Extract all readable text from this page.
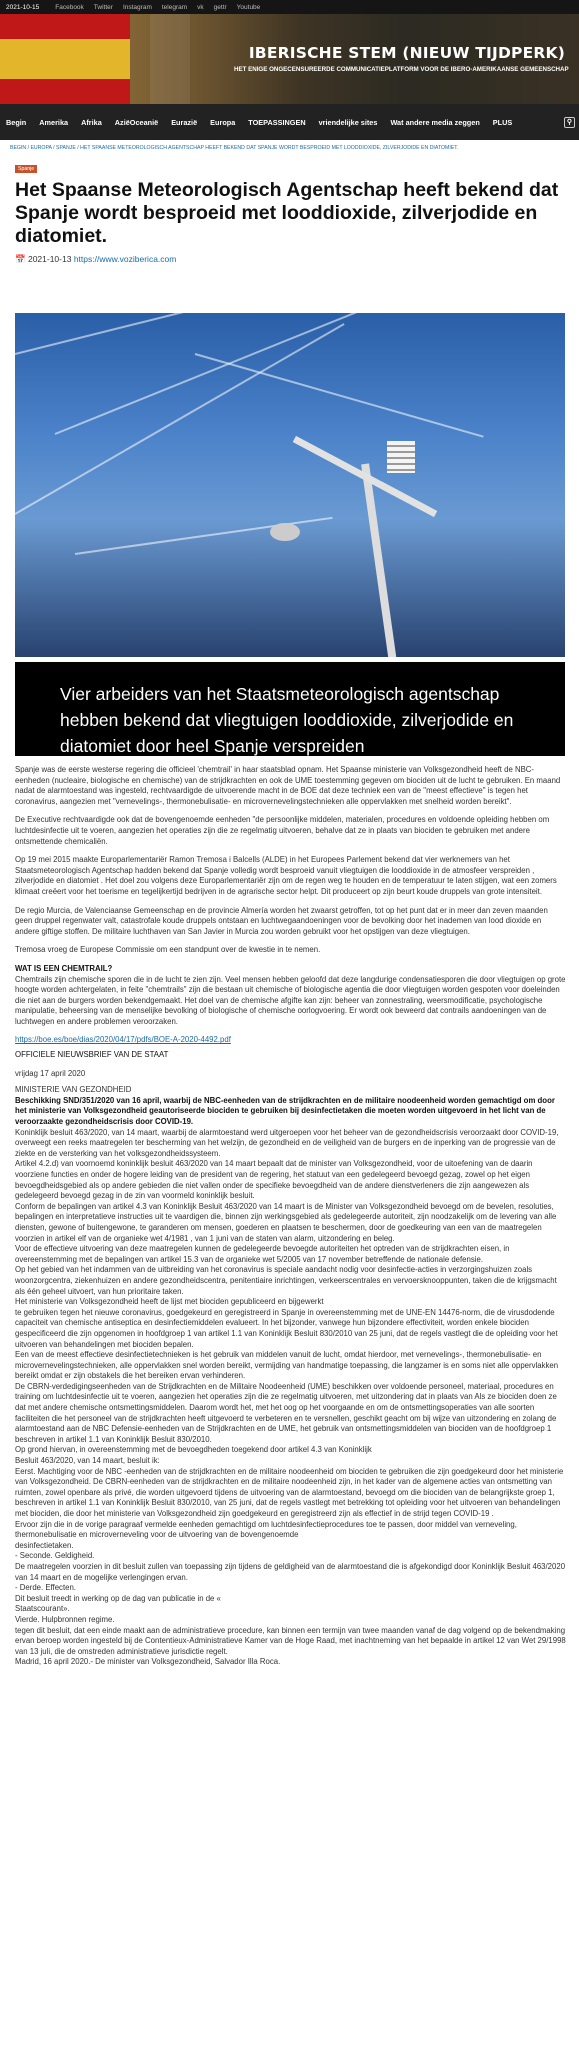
2021-10-15 Facebook Twitter Instagram telegram vk gettr Youtube
IBERISCHE STEM (NIEUW TIJDPERK)
HET ENIGE ONGECENSUREERDE COMMUNICATIEPLATFORM VOOR DE IBERO-AMERIKAANSE GEMEENSCHAP
Begin Amerika Afrika AziëOceanië Eurazië Europa TOEPASSINGEN vriendelijke sites Wat andere media zeggen PLUS	⚲
BEGIN / EUROPA / SPANJE / HET SPAANSE METEOROLOGISCH AGENTSCHAP HEEFT BEKEND DAT SPANJE WORDT BESPROEID MET LOODDIOXIDE, ZILVERJODIDE EN DIATOMIET.
Spanje
Het Spaanse Meteorologisch Agentschap heeft bekend dat Spanje wordt besproeid met looddioxide, zilverjodide en diatomiet.
📅 2021-10-13 https://www.voziberica.com
Vier arbeiders van het Staatsmeteorologisch agentschap hebben bekend dat vliegtuigen looddioxide, zilverjodide en diatomiet door heel Spanje verspreiden

Spanje was de eerste westerse regering die officieel 'chemtrail' in haar staatsblad opnam. Het Spaanse ministerie van Volksgezondheid heeft de NBC-eenheden (nucleaire, biologische en chemische) van de strijdkrachten en ook de UME toestemming gegeven om biociden uit de lucht te gebruiken. En maand nadat de alarmtoestand was ingesteld, rechtvaardigde de uitvoerende macht in de BOE dat deze techniek een van de "meest effectieve" is tegen het coronavirus, aangezien met "vernevelings-, thermonebulisatie- en microvernevelingstechnieken alle oppervlakken met snelheid worden bereikt".

De Executive rechtvaardigde ook dat de bovengenoemde eenheden "de persoonlijke middelen, materialen, procedures en voldoende opleiding hebben om luchtdesinfectie uit te voeren, aangezien het operaties zijn die ze regelmatig uitvoeren, behalve dat ze in plaats van biociden te gebruiken met andere ontsmettende chemicaliën.

Op 19 mei 2015 maakte Europarlementariër Ramon Tremosa i Balcells (ALDE) in het Europees Parlement bekend dat vier werknemers van het Staatsmeteorologisch Agentschap hadden bekend dat Spanje volledig wordt besproeid vanuit vliegtuigen die looddioxide in de atmosfeer verspreiden , zilverjodide en diatomiet . Het doel zou volgens deze Europarlementariër zijn om de regen weg te houden en de temperatuur te laten stijgen, wat een zomers klimaat creëert voor het toerisme en tegelijkertijd bedrijven in de agrarische sector helpt. Dit produceert op zijn beurt koude druppels van grote intensiteit.

De regio Murcia, de Valenciaanse Gemeenschap en de provincie Almería worden het zwaarst getroffen, tot op het punt dat er in meer dan zeven maanden geen druppel regenwater valt, catastrofale koude druppels ontstaan en luchtwegaandoeningen voor de bevolking door het inademen van lood dioxide en andere giftige stoffen. De militaire luchthaven van San Javier in Murcia zou worden gebruikt voor het opstijgen van deze vliegtuigen.

Tremosa vroeg de Europese Commissie om een standpunt over de kwestie in te nemen.

WAT IS EEN CHEMTRAIL?

Chemtrails zijn chemische sporen die in de lucht te zien zijn. Veel mensen hebben geloofd dat deze langdurige condensatiesporen die door vliegtuigen op grote hoogte worden achtergelaten, in feite "chemtrails" zijn die bestaan uit chemische of biologische agentia die door vliegtuigen worden gespoten voor doeleinden die niet aan de burgers worden bekendgemaakt. Het doel van de chemische afgifte kan zijn: beheer van zonnestraling, weersmodificatie, psychologische manipulatie, beheersing van de menselijke bevolking of biologische of chemische oorlogvoering. Er wordt ook beweerd dat contrails aandoeningen van de luchtwegen en andere problemen veroorzaken.

https://boe.es/boe/dias/2020/04/17/pdfs/BOE-A-2020-4492.pdf

OFFICIELE NIEUWSBRIEF VAN DE STAAT

vrijdag 17 april 2020

MINISTERIE VAN GEZONDHEID

Beschikking SND/351/2020 van 16 april, waarbij de NBC-eenheden van de strijdkrachten en de militaire noodeenheid worden gemachtigd om door het ministerie van Volksgezondheid geautoriseerde biociden te gebruiken bij desinfectietaken die moeten worden uitgevoerd in het licht van de veroorzaakte gezondheidscrisis door COVID-19.

Koninklijk besluit 463/2020, van 14 maart, waarbij de alarmtoestand werd uitgeroepen voor het beheer van de gezondheidscrisis veroorzaakt door COVID-19, overweegt een reeks maatregelen ter bescherming van het welzijn, de gezondheid en de veiligheid van de burgers en de inperking van de progressie van de ziekte en de versterking van het volksgezondheidssysteem.

Artikel 4.2.d) van voornoemd koninklijk besluit 463/2020 van 14 maart bepaalt dat de minister van Volksgezondheid, voor de uitoefening van de daarin voorziene functies en onder de hogere leiding van de president van de regering, het statuut van een gedelegeerd bevoegd gezag, zowel op het eigen bevoegdheidsgebied als op andere gebieden die niet vallen onder de specifieke bevoegdheid van de andere dienstverleners die zijn aangewezen als gedelegeerd bevoegd gezag in de zin van voormeld koninklijk besluit.

Conform de bepalingen van artikel 4.3 van Koninklijk Besluit 463/2020 van 14 maart is de Minister van Volksgezondheid bevoegd om de bevelen, resoluties, bepalingen en interpretatieve instructies uit te vaardigen die, binnen zijn werkingsgebied als gedelegeerde autoriteit, zijn noodzakelijk om de levering van alle diensten, gewone of buitengewone, te garanderen om mensen, goederen en plaatsen te beschermen, door de goedkeuring van een van de maatregelen voorzien in artikel elf van de organieke wet 4/1981 , van 1 juni van de staten van alarm, uitzondering en beleg.

Voor de effectieve uitvoering van deze maatregelen kunnen de gedelegeerde bevoegde autoriteiten het optreden van de strijdkrachten eisen, in overeenstemming met de bepalingen van artikel 15.3 van de organieke wet 5/2005 van 17 november betreffende de nationale defensie.

Op het gebied van het indammen van de uitbreiding van het coronavirus is speciale aandacht nodig voor desinfectie-acties in verzorgingshuizen zoals woonzorgcentra, ziekenhuizen en andere gezondheidscentra, penitentiaire inrichtingen, verkeerscentrales en vervoersknooppunten, taken die de krijgsmacht als één geheel uitvoert, van hun prioritaire taken.

Het ministerie van Volksgezondheid heeft de lijst met biociden gepubliceerd en bijgewerkt

te gebruiken tegen het nieuwe coronavirus, goedgekeurd en geregistreerd in Spanje in overeenstemming met de UNE-EN 14476-norm, die de virusdodende capaciteit van chemische antiseptica en desinfectiemiddelen evalueert. In het bijzonder, vanwege hun bijzondere effectiviteit, worden enkele biociden gespecificeerd die zijn opgenomen in hoofdgroep 1 van artikel 1.1 van Koninklijk Besluit 830/2010 van 25 juni, dat de regels vastlegt die de opleiding voor het uitvoeren van behandelingen met biociden bepalen.

Een van de meest effectieve desinfectietechnieken is het gebruik van middelen vanuit de lucht, omdat hierdoor, met vernevelings-, thermonebulisatie- en microvernevelingstechnieken, alle oppervlakken snel worden bereikt, vermijding van handmatige toepassing, die langzamer is en soms niet alle oppervlakken bereikt omdat er zijn obstakels die het bereiken ervan verhinderen.

De CBRN-verdedigingseenheden van de Strijdkrachten en de Militaire Noodeenheid (UME) beschikken over voldoende personeel, materiaal, procedures en training om luchtdesinfectie uit te voeren, aangezien het operaties zijn die ze regelmatig uitvoeren, met uitzondering dat in plaats van Als ze biociden doen ze dat met andere chemische ontsmettingsmiddelen. Daarom wordt het, met het oog op het voorgaande en om de ontsmettingsoperaties van alle soorten faciliteiten die het personeel van de strijdkrachten heeft uitgevoerd te verbeteren en te versnellen, geschikt geacht om bij wijze van uitzondering en zolang de alarmtoestand aan de NBC Defensie-eenheden van de Strijdkrachten en de UME, het gebruik van ontsmettingsmiddelen van biociden van de hoofdgroep 1 beschreven in artikel 1.1 van Koninklijk Besluit 830/2010.

Op grond hiervan, in overeenstemming met de bevoegdheden toegekend door artikel 4.3 van Koninklijk

Besluit 463/2020, van 14 maart, besluit ik:

Eerst. Machtiging voor de NBC -eenheden van de strijdkrachten en de militaire noodeenheid om biociden te gebruiken die zijn goedgekeurd door het ministerie van Volksgezondheid. De CBRN-eenheden van de strijdkrachten en de militaire noodeenheid zijn, in het kader van de algemene acties van ontsmetting van ruimten, zowel openbare als privé, die worden uitgevoerd tijdens de uitvoering van de alarmtoestand, bevoegd om die biociden van de belangrijkste groep 1, beschreven in artikel 1.1 van Koninklijk Besluit 830/2010, van 25 juni, dat de regels vastlegt met betrekking tot opleiding voor het uitvoeren van behandelingen met biociden, die door het ministerie van Volksgezondheid zijn goedgekeurd en geregistreerd zijn als effectief in de strijd tegen COVID-19 .

Ervoor zijn die in de vorige paragraaf vermelde eenheden gemachtigd om luchtdesinfectieprocedures toe te passen, door middel van verneveling, thermonebulisatie en microverneveling voor de uitvoering van de bovengenoemde

desinfectietaken.

- Seconde. Geldigheid.

De maatregelen voorzien in dit besluit zullen van toepassing zijn tijdens de geldigheid van de alarmtoestand die is afgekondigd door Koninklijk Besluit 463/2020 van 14 maart en de mogelijke verlengingen ervan.

- Derde. Effecten.

Dit besluit treedt in werking op de dag van publicatie in de «

Staatscourant».

Vierde. Hulpbronnen regime.

tegen dit besluit, dat een einde maakt aan de administratieve procedure, kan binnen een termijn van twee maanden vanaf de dag volgend op de bekendmaking ervan beroep worden ingesteld bij de Contentieux-Administratieve Kamer van de Hoge Raad, met inachtneming van het bepaalde in artikel 12 van Wet 29/1998 van 13 juli, die de omstreden administratieve jurisdictie regelt.

Madrid, 16 april 2020.- De minister van Volksgezondheid, Salvador Illa Roca.
